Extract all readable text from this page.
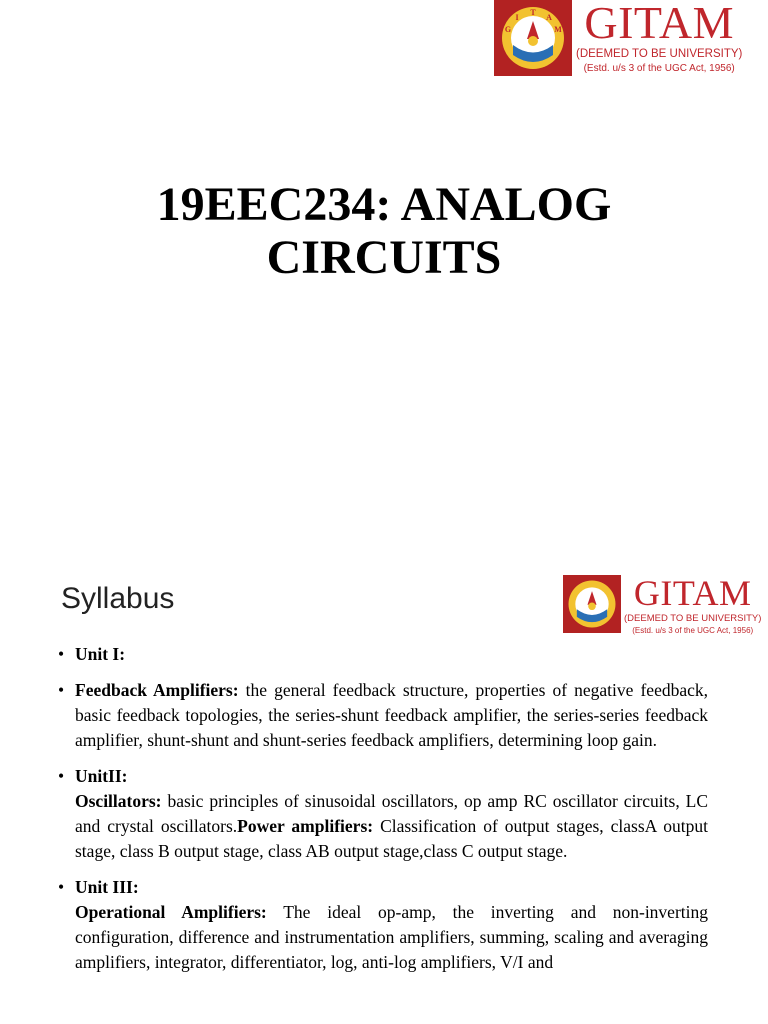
T
I	A
G	M GITAM
(DEEMED TO BE UNIVERSITY)
(Estd. u/s 3 of the UGC Act, 1956)
19EEC234: ANALOG
CIRCUITS
Syllabus	GITAM
(DEEMED TO BE UNIVERSITY)
(Estd. u/s 3 of the UGC Act, 1956)
• Unit I:
• Feedback Amplifiers: the general feedback structure, properties of negative feedback, basic feedback topologies, the series-shunt feedback amplifier, the series-series feedback amplifier, shunt-shunt and shunt-series feedback amplifiers, determining loop gain.
• UnitII:
Oscillators: basic principles of sinusoidal oscillators, op amp RC oscillator circuits, LC and crystal oscillators.Power amplifiers: Classification of output stages, classA output stage, class B output stage, class AB output stage,class C output stage.
• Unit III:
Operational Amplifiers: The ideal op-amp, the inverting and non-inverting configuration, difference and instrumentation amplifiers, summing, scaling and averaging amplifiers, integrator, differentiator, log, anti-log amplifiers, V/I and
